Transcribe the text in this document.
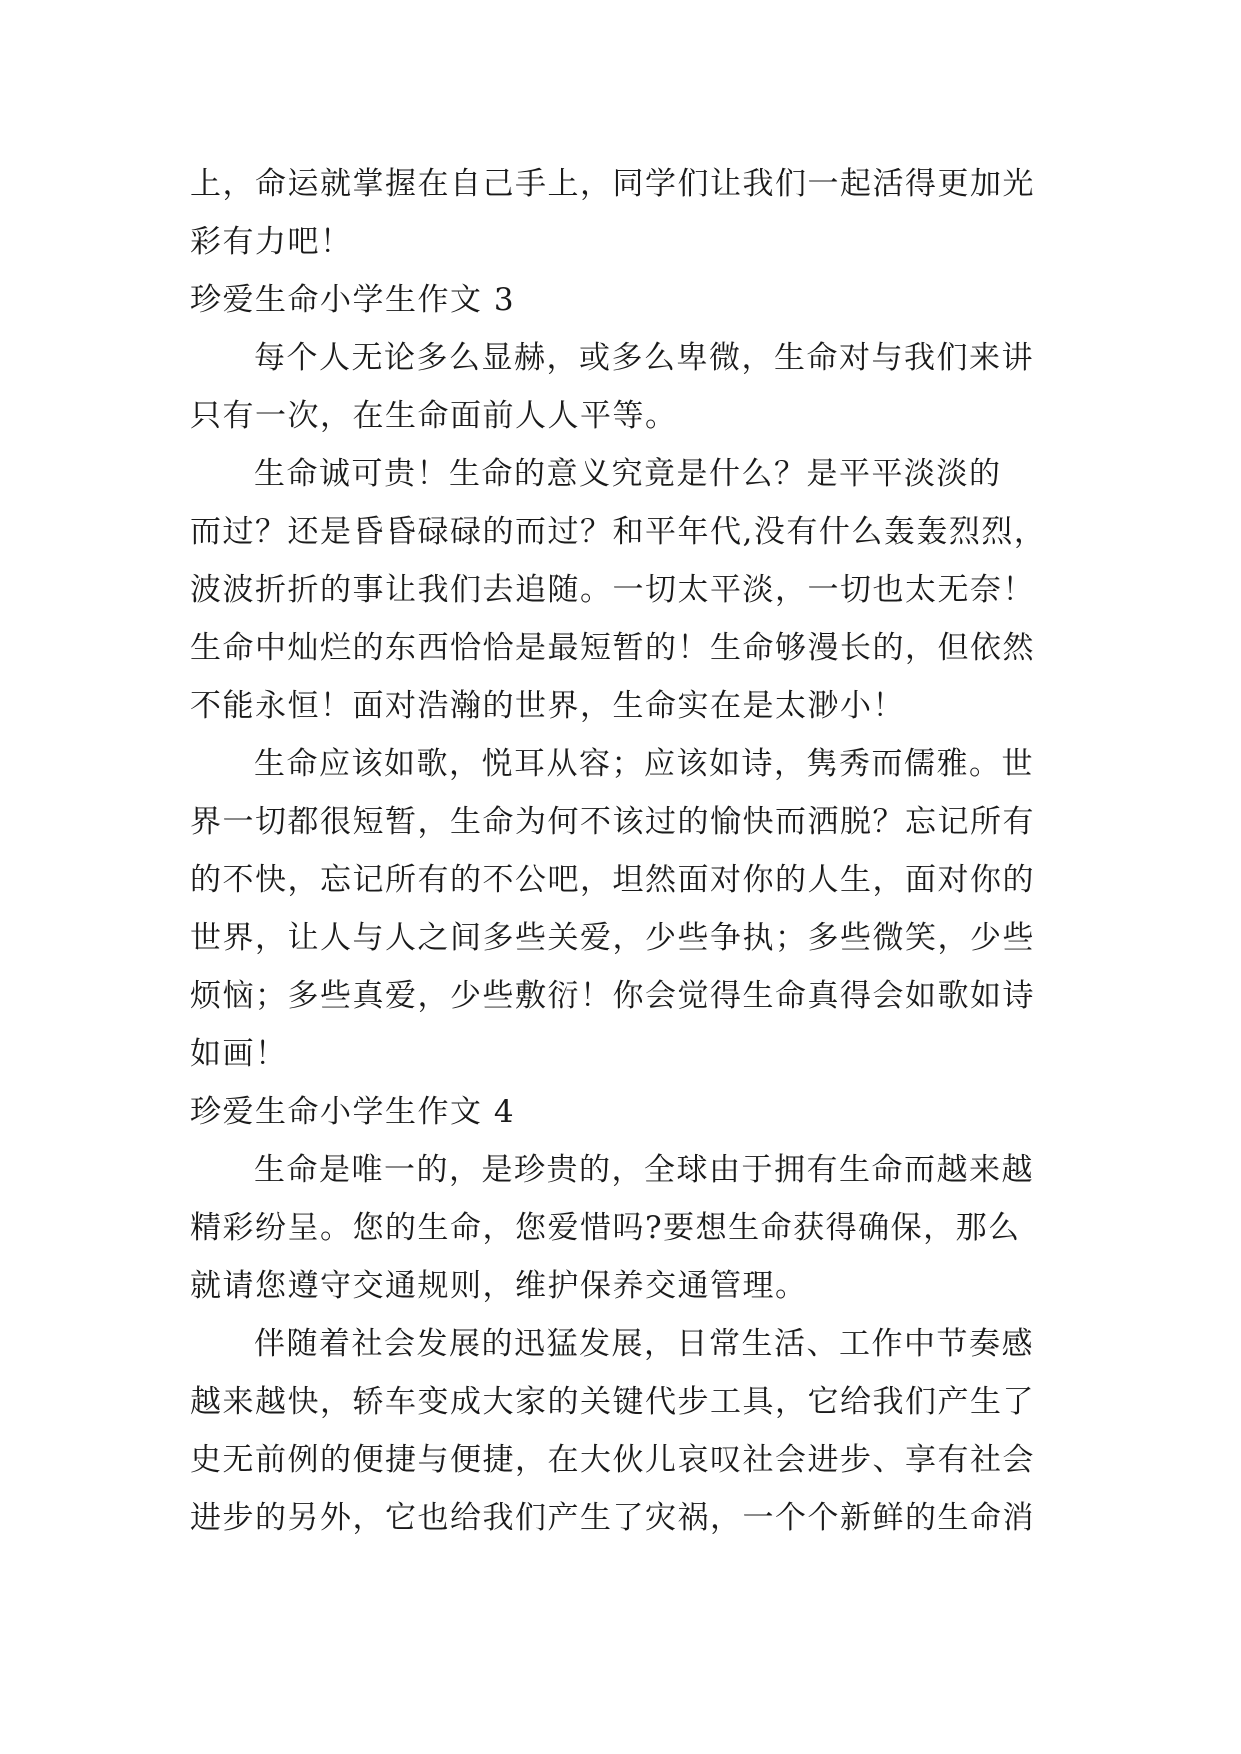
上，命运就掌握在自己手上，同学们让我们一起活得更加光
彩有力吧！
珍爱生命小学生作文 3
每个人无论多么显赫，或多么卑微，生命对与我们来讲
只有一次，在生命面前人人平等。
生命诚可贵！生命的意义究竟是什么？是平平淡淡的
而过？还是昏昏碌碌的而过？和平年代,没有什么轰轰烈烈，
波波折折的事让我们去追随。一切太平淡，一切也太无奈！
生命中灿烂的东西恰恰是最短暂的！生命够漫长的，但依然
不能永恒！面对浩瀚的世界，生命实在是太渺小！
生命应该如歌，悦耳从容；应该如诗，隽秀而儒雅。世
界一切都很短暂，生命为何不该过的愉快而洒脱？忘记所有
的不快，忘记所有的不公吧，坦然面对你的人生，面对你的
世界，让人与人之间多些关爱，少些争执；多些微笑，少些
烦恼；多些真爱，少些敷衍！你会觉得生命真得会如歌如诗
如画！
珍爱生命小学生作文 4
生命是唯一的，是珍贵的，全球由于拥有生命而越来越
精彩纷呈。您的生命，您爱惜吗?要想生命获得确保，那么
就请您遵守交通规则，维护保养交通管理。
伴随着社会发展的迅猛发展，日常生活、工作中节奏感
越来越快，轿车变成大家的关键代步工具，它给我们产生了
史无前例的便捷与便捷，在大伙儿哀叹社会进步、享有社会
进步的另外，它也给我们产生了灾祸，一个个新鲜的生命消
